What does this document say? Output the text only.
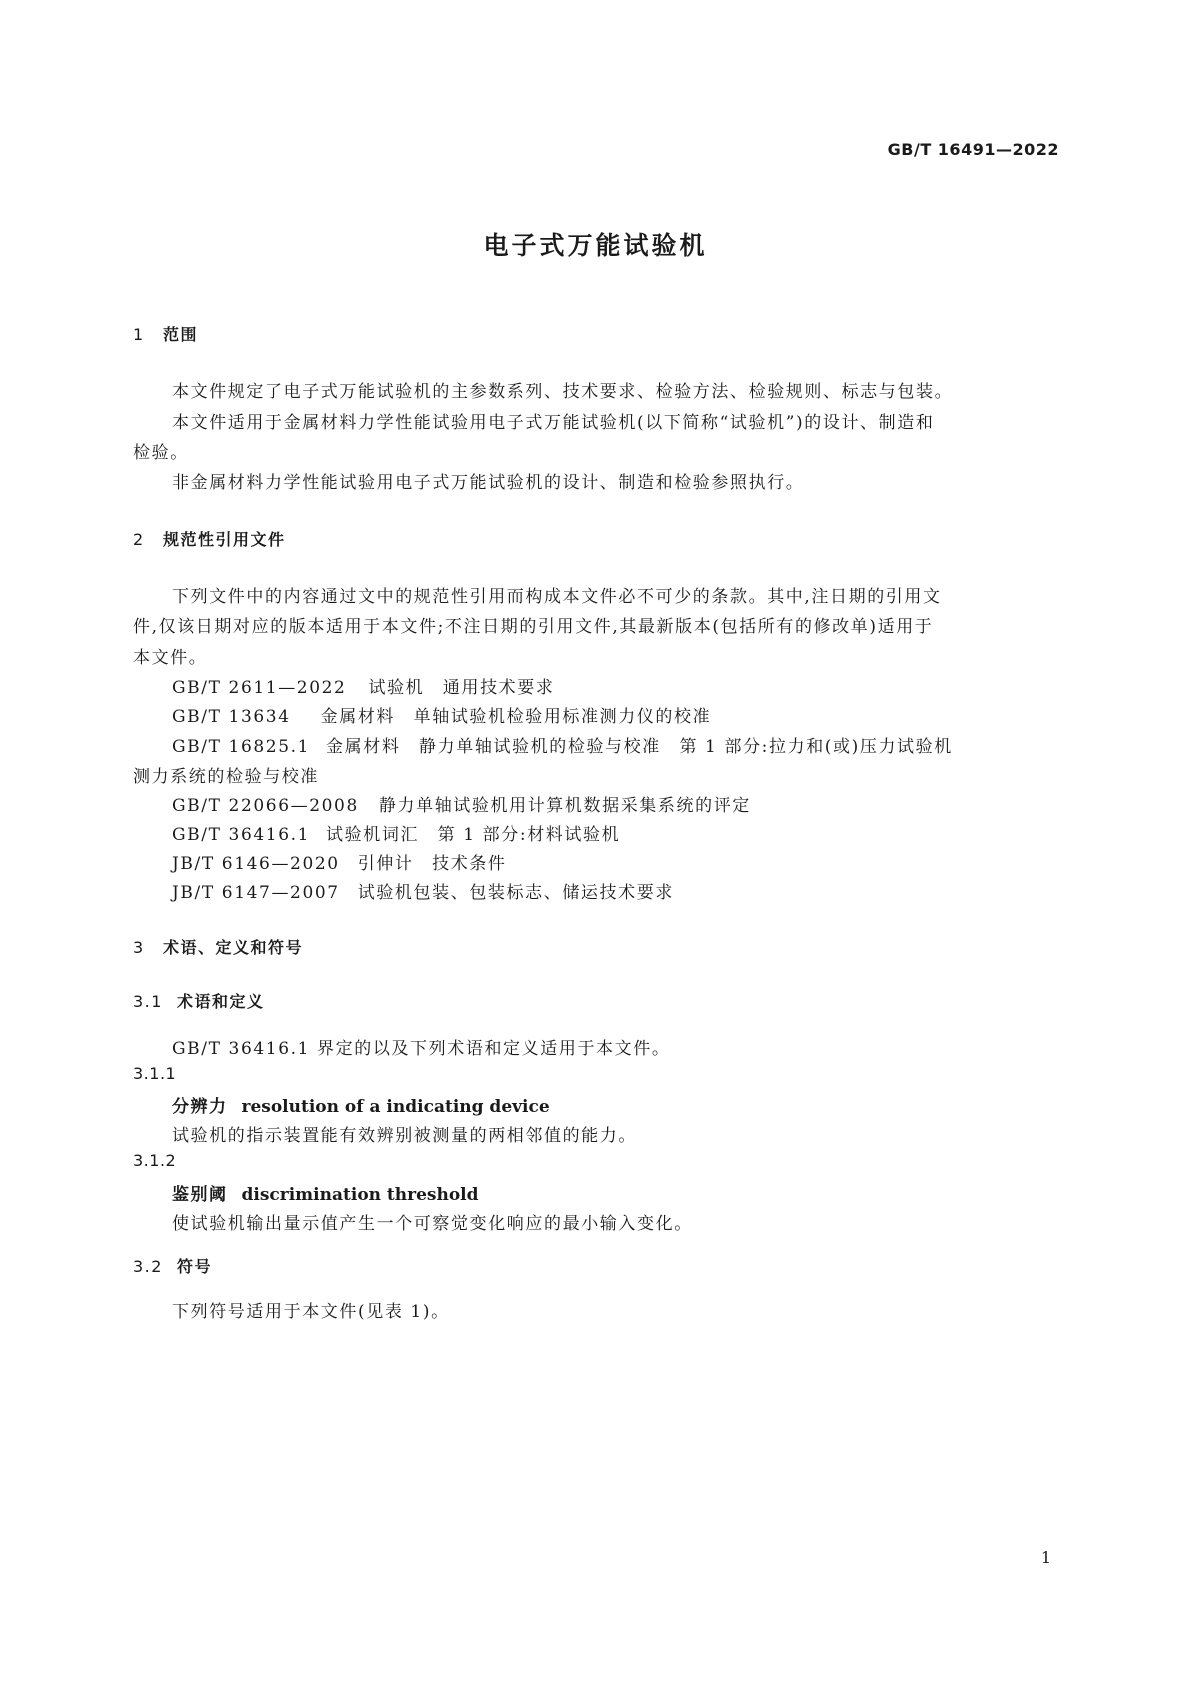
GB/T 16491—2022
电子式万能试验机
1 范围
本文件规定了电子式万能试验机的主参数系列、技术要求、检验方法、检验规则、标志与包装。
本文件适用于金属材料力学性能试验用电子式万能试验机(以下简称“试验机”)的设计、制造和
检验。
非金属材料力学性能试验用电子式万能试验机的设计、制造和检验参照执行。
2 规范性引用文件
下列文件中的内容通过文中的规范性引用而构成本文件必不可少的条款。其中,注日期的引用文
件,仅该日期对应的版本适用于本文件;不注日期的引用文件,其最新版本(包括所有的修改单)适用于
本文件。
GB/T 2611—2022 试验机　通用技术要求
GB/T 13634 金属材料　单轴试验机检验用标准测力仪的校准
GB/T 16825.1 金属材料　静力单轴试验机的检验与校准　第 1 部分:拉力和(或)压力试验机
测力系统的检验与校准
GB/T 22066—2008 静力单轴试验机用计算机数据采集系统的评定
GB/T 36416.1 试验机词汇　第 1 部分:材料试验机
JB/T 6146—2020 引伸计　技术条件
JB/T 6147—2007 试验机包装、包装标志、储运技术要求
3 术语、定义和符号
3.1 术语和定义
GB/T 36416.1 界定的以及下列术语和定义适用于本文件。
3.1.1
分辨力 resolution of a indicating device
试验机的指示装置能有效辨别被测量的两相邻值的能力。
3.1.2
鉴别阈 discrimination threshold
使试验机输出量示值产生一个可察觉变化响应的最小输入变化。
3.2 符号
下列符号适用于本文件(见表 1)。
1
